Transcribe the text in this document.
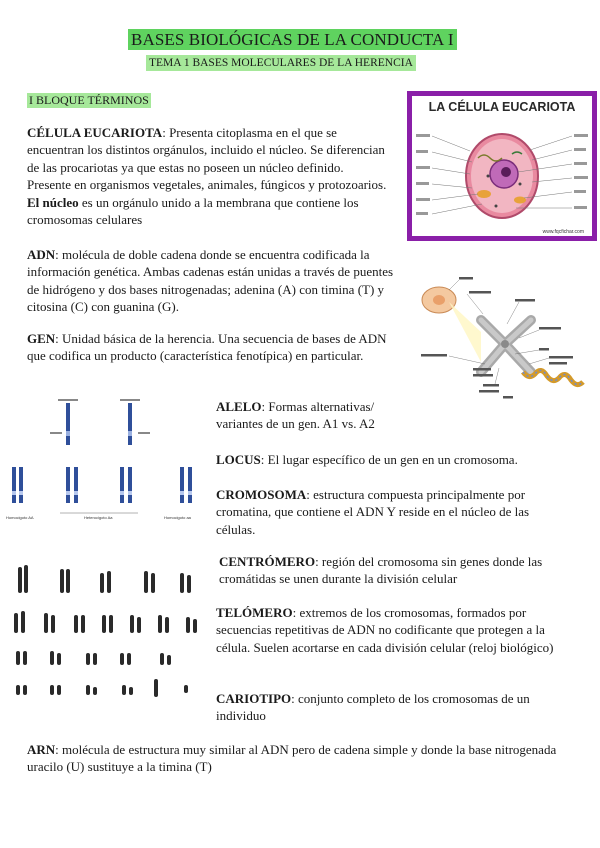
BASES BIOLÓGICAS DE LA CONDUCTA I
TEMA 1 BASES MOLECULARES DE LA HERENCIA
I BLOQUE TÉRMINOS

CÉLULA EUCARIOTA: Presenta citoplasma en el que se encuentran los distintos orgánulos, incluido el núcleo. Se diferencian de las procariotas ya que estas no poseen un núcleo definido. Presente en organismos vegetales, animales, fúngicos y protozoarios. El núcleo es un orgánulo unido a la membrana que contiene los cromosomas celulares

ADN: molécula de doble cadena donde se encuentra codificada la información genética. Ambas cadenas están unidas a través de puentes de hidrógeno y dos bases nitrogenadas; adenina (A) con timina (T) y citosina (C) con guanina (G).

GEN: Unidad básica de la herencia. Una secuencia de bases de ADN que codifica un producto (característica fenotípica) en particular.

ALELO: Formas alternativas/ variantes de un gen. A1 vs. A2

LOCUS: El lugar específico de un gen en un cromosoma.

CROMOSOMA: estructura compuesta principalmente por cromatina, que contiene el ADN Y reside en el núcleo de las células.

CENTRÓMERO: región del cromosoma sin genes donde las cromátidas se unen durante la división celular

TELÓMERO: extremos de los cromosomas, formados por secuencias repetitivas de ADN no codificante que protegen a la célula. Suelen acortarse en cada división celular (reloj biológico)

CARIOTIPO: conjunto completo de los cromosomas de un individuo

ARN: molécula de estructura muy similar al ADN pero de cadena simple y donde la base nitrogenada uracilo (U) sustituye a la timina (T)

LA CÉLULA EUCARIOTA
www.fqcfichar.com
Homocigoto AA	Heterocigoto Aa	Homocigoto aa
